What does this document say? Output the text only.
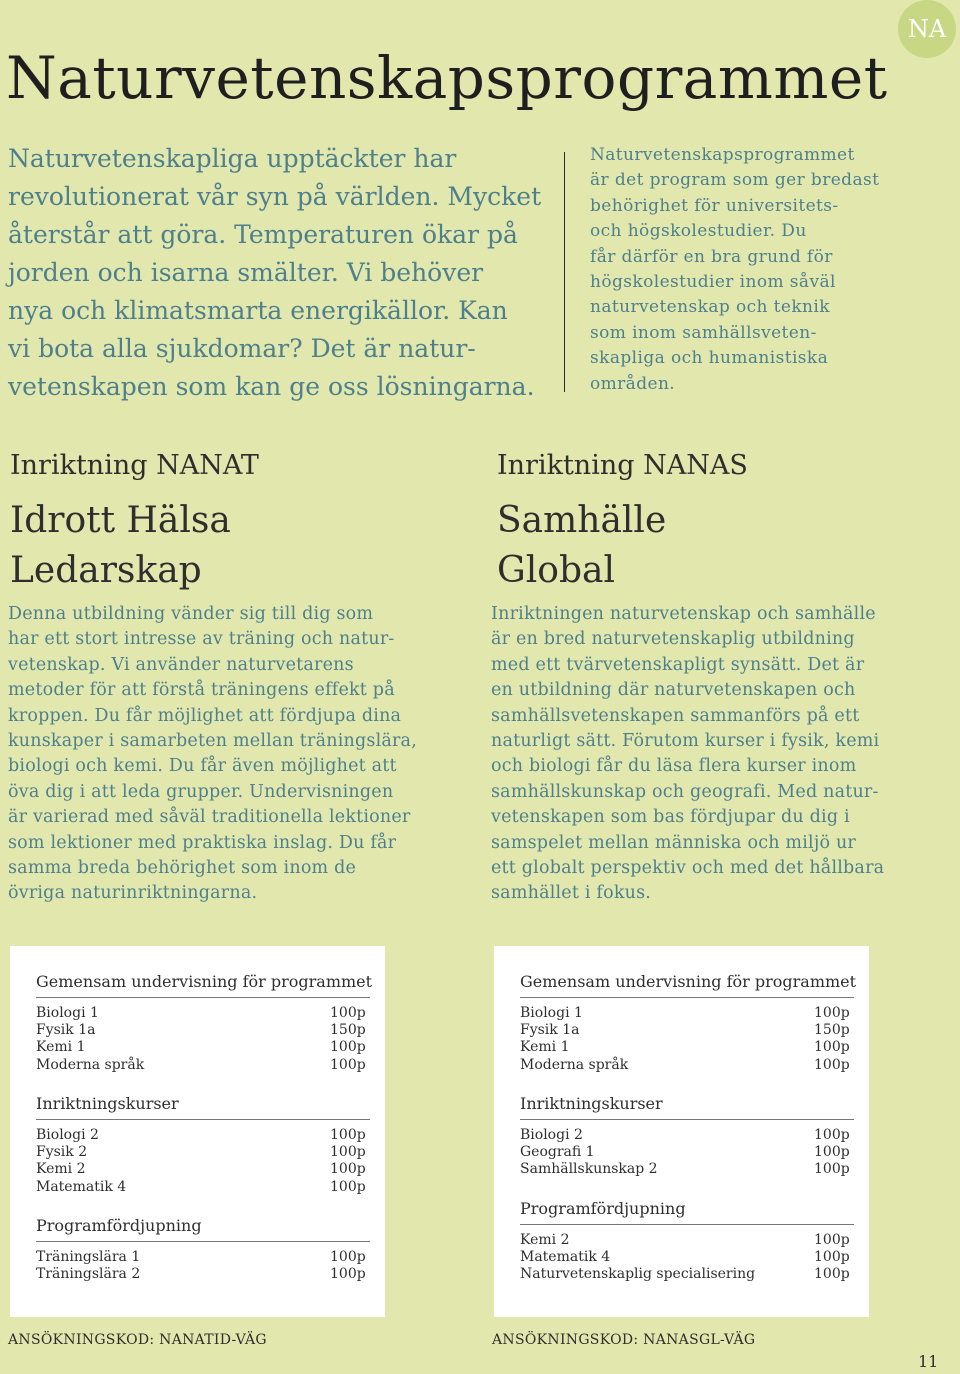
NA
Naturvetenskapsprogrammet

Naturvetenskapliga upptäckter har

revolutionerat vår syn på världen. Mycket

återstår att göra. Temperaturen ökar på

jorden och isarna smälter. Vi behöver

nya och klimatsmarta energikällor. Kan

vi bota alla sjukdomar? Det är natur-

vetenskapen som kan ge oss lösningarna.

Naturvetenskapsprogrammet

är det program som ger bredast

behörighet för universitets-

och högskolestudier. Du

får därför en bra grund för

högskolestudier inom såväl

naturvetenskap och teknik

som inom samhällsveten-

skapliga och humanistiska

områden.

Inriktning NANAT

Idrott Hälsa

Ledarskap

Inriktning NANAS

Samhälle

Global

Denna utbildning vänder sig till dig som

har ett stort intresse av träning och natur-

vetenskap. Vi använder naturvetarens

metoder för att förstå träningens effekt på

kroppen. Du får möjlighet att fördjupa dina

kunskaper i samarbeten mellan träningslära,

biologi och kemi. Du får även möjlighet att

öva dig i att leda grupper. Undervisningen

är varierad med såväl traditionella lektioner

som lektioner med praktiska inslag. Du får

samma breda behörighet som inom de

övriga naturinriktningarna.

Inriktningen naturvetenskap och samhälle

är en bred naturvetenskaplig utbildning

med ett tvärvetenskapligt synsätt. Det är

en utbildning där naturvetenskapen och

samhällsvetenskapen sammanförs på ett

naturligt sätt. Förutom kurser i fysik, kemi

och biologi får du läsa flera kurser inom

samhällskunskap och geografi. Med natur-

vetenskapen som bas fördjupar du dig i

samspelet mellan människa och miljö ur

ett globalt perspektiv och med det hållbara

samhället i fokus.

Gemensam undervisning för programmet
Biologi 1	100p
Fysik 1a	150p
Kemi 1	100p
Moderna språk	100p
Inriktningskurser
Biologi 2	100p
Fysik 2	100p
Kemi 2	100p
Matematik 4	100p
Programfördjupning
Träningslära 1	100p
Träningslära 2	100p
Gemensam undervisning för programmet
Biologi 1	100p
Fysik 1a	150p
Kemi 1	100p
Moderna språk	100p
Inriktningskurser
Biologi 2	100p
Geografi 1	100p
Samhällskunskap 2	100p
Programfördjupning
Kemi 2	100p
Matematik 4	100p
Naturvetenskaplig specialisering	100p
ANSÖKNINGSKOD: NANATID-VÄG	ANSÖKNINGSKOD: NANASGL-VÄG
11
